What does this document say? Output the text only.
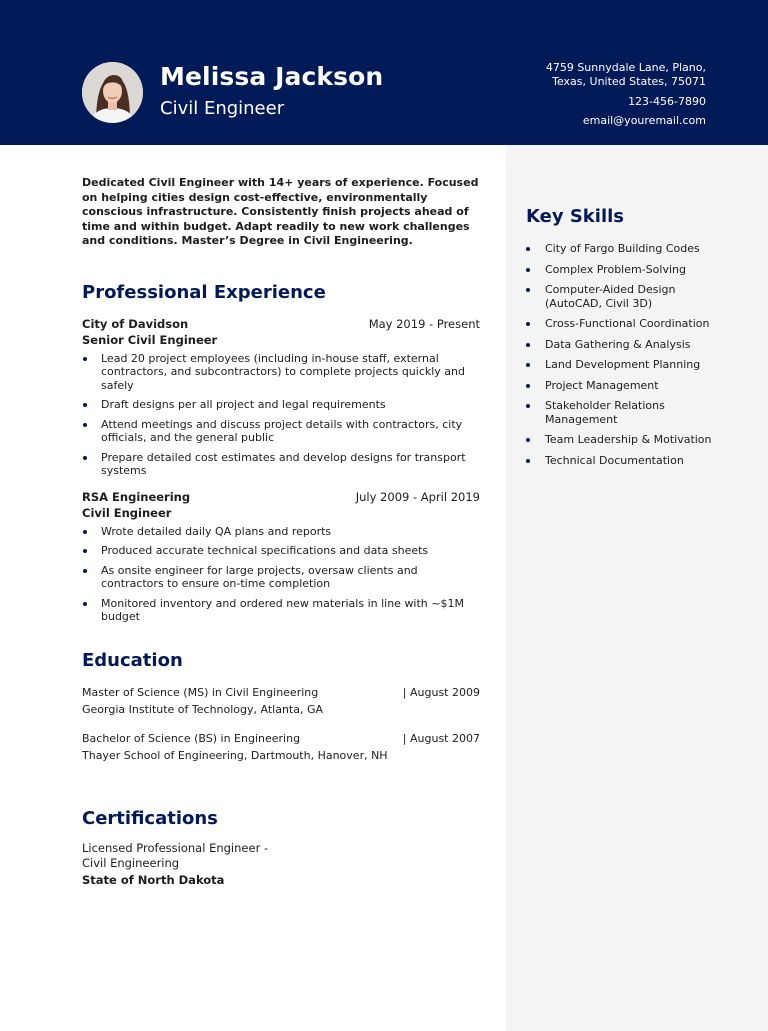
Melissa Jackson
Civil Engineer
4759 Sunnydale Lane, Plano,
Texas, United States, 75071
123-456-7890
email@youremail.com

Dedicated Civil Engineer with 14+ years of experience. Focused on helping cities design cost-effective, environmentally conscious infrastructure. Consistently finish projects ahead of time and within budget. Adapt readily to new work challenges and conditions. Master’s Degree in Civil Engineering.

Professional Experience
City of Davidson	May 2019 - Present
Senior Civil Engineer
Lead 20 project employees (including in-house staff, external contractors, and subcontractors) to complete projects quickly and safely
Draft designs per all project and legal requirements
Attend meetings and discuss project details with contractors, city officials, and the general public
Prepare detailed cost estimates and develop designs for transport systems
RSA Engineering	July 2009 - April 2019
Civil Engineer
Wrote detailed daily QA plans and reports
Produced accurate technical specifications and data sheets
As onsite engineer for large projects, oversaw clients and contractors to ensure on-time completion
Monitored inventory and ordered new materials in line with ~$1M budget
Education
Master of Science (MS) in Civil Engineering	| August 2009
Georgia Institute of Technology, Atlanta, GA
Bachelor of Science (BS) in Engineering	| August 2007
Thayer School of Engineering, Dartmouth, Hanover, NH
Certifications
Licensed Professional Engineer - Civil Engineering
State of North Dakota
Key Skills
City of Fargo Building Codes
Complex Problem-Solving
Computer-Aided Design (AutoCAD, Civil 3D)
Cross-Functional Coordination
Data Gathering & Analysis
Land Development Planning
Project Management
Stakeholder Relations Management
Team Leadership & Motivation
Technical Documentation
